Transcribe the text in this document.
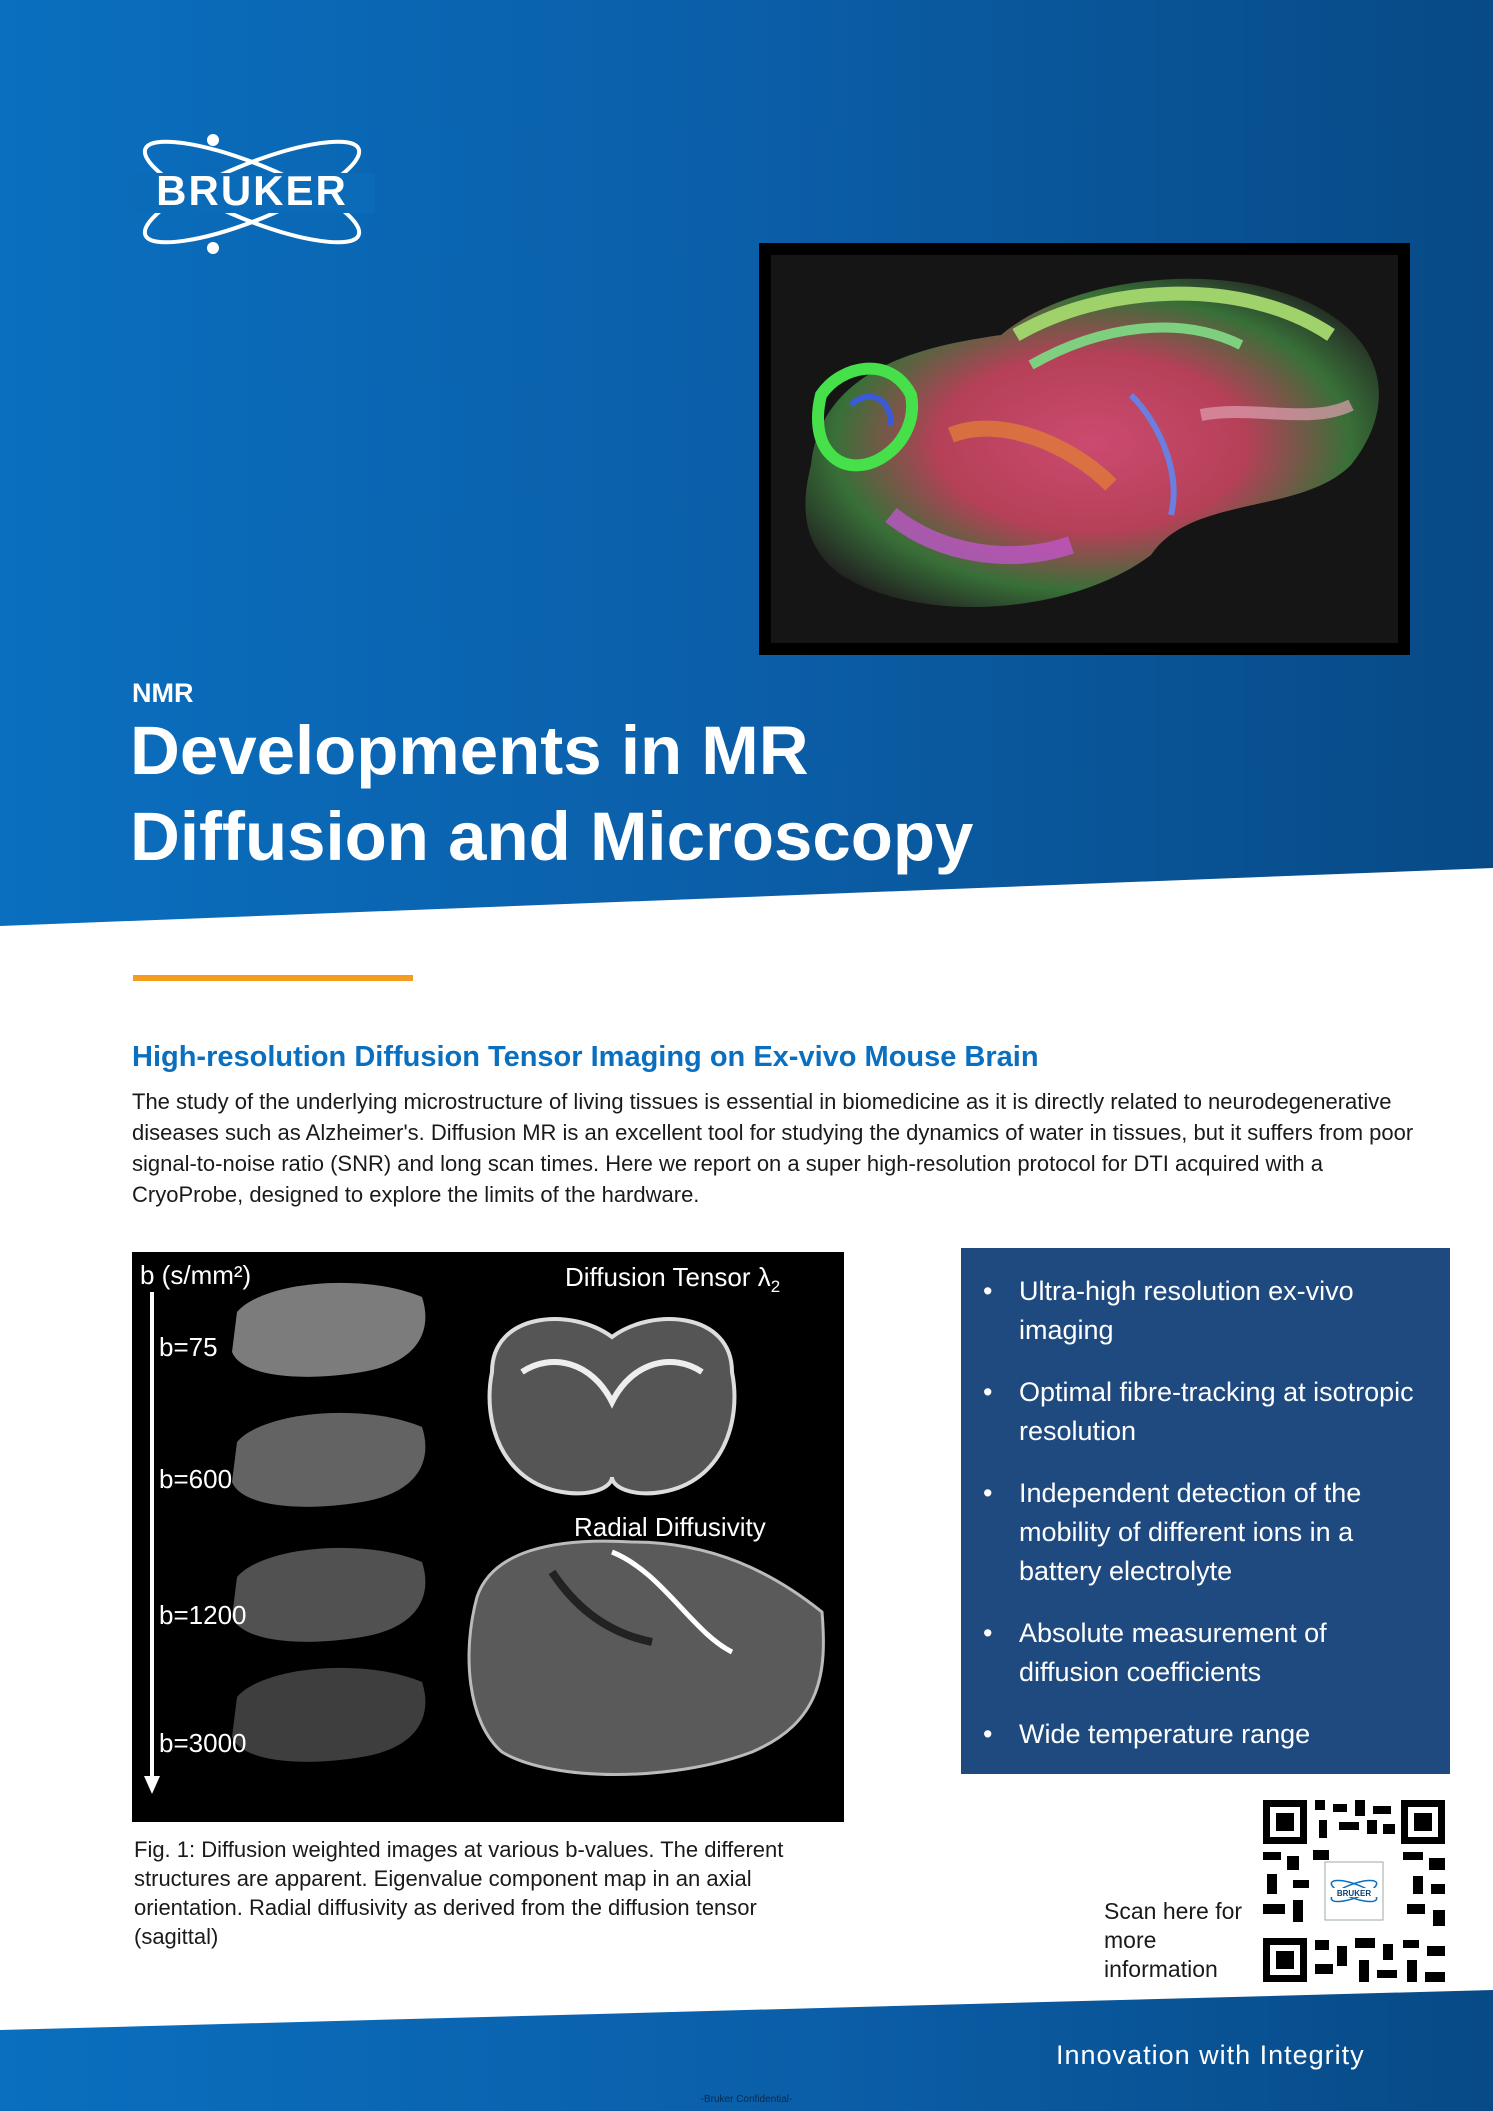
BRUKER
NMR
Developments in MR
Diffusion and Microscopy
High-resolution Diffusion Tensor Imaging on Ex-vivo Mouse Brain
The study of the underlying microstructure of living tissues is essential in biomedicine as it is directly related to neurodegenerative diseases such as Alzheimer's. Diffusion MR is an excellent tool for studying the dynamics of water in tissues, but it suffers from poor signal-to-noise ratio (SNR) and long scan times. Here we report on a super high-resolution protocol for DTI acquired with a CryoProbe, designed to explore the limits of the hardware.
b (s/mm²)
b=75
b=600
b=1200
b=3000
Diffusion Tensor $\lambda_2$
Radial Diffusivity
Fig. 1: Diffusion weighted images at various b-values. The different structures are apparent. Eigenvalue component map in an axial orientation. Radial diffusivity as derived from the diffusion tensor (sagittal)
• Ultra-high resolution ex-vivo imaging
• Optimal fibre-tracking at isotropic resolution
• Independent detection of the mobility of different ions in a battery electrolyte
• Absolute measurement of diffusion coefficients
• Wide temperature range
Scan here for more information
BRUKER
Innovation with Integrity
-Bruker Confidential-
